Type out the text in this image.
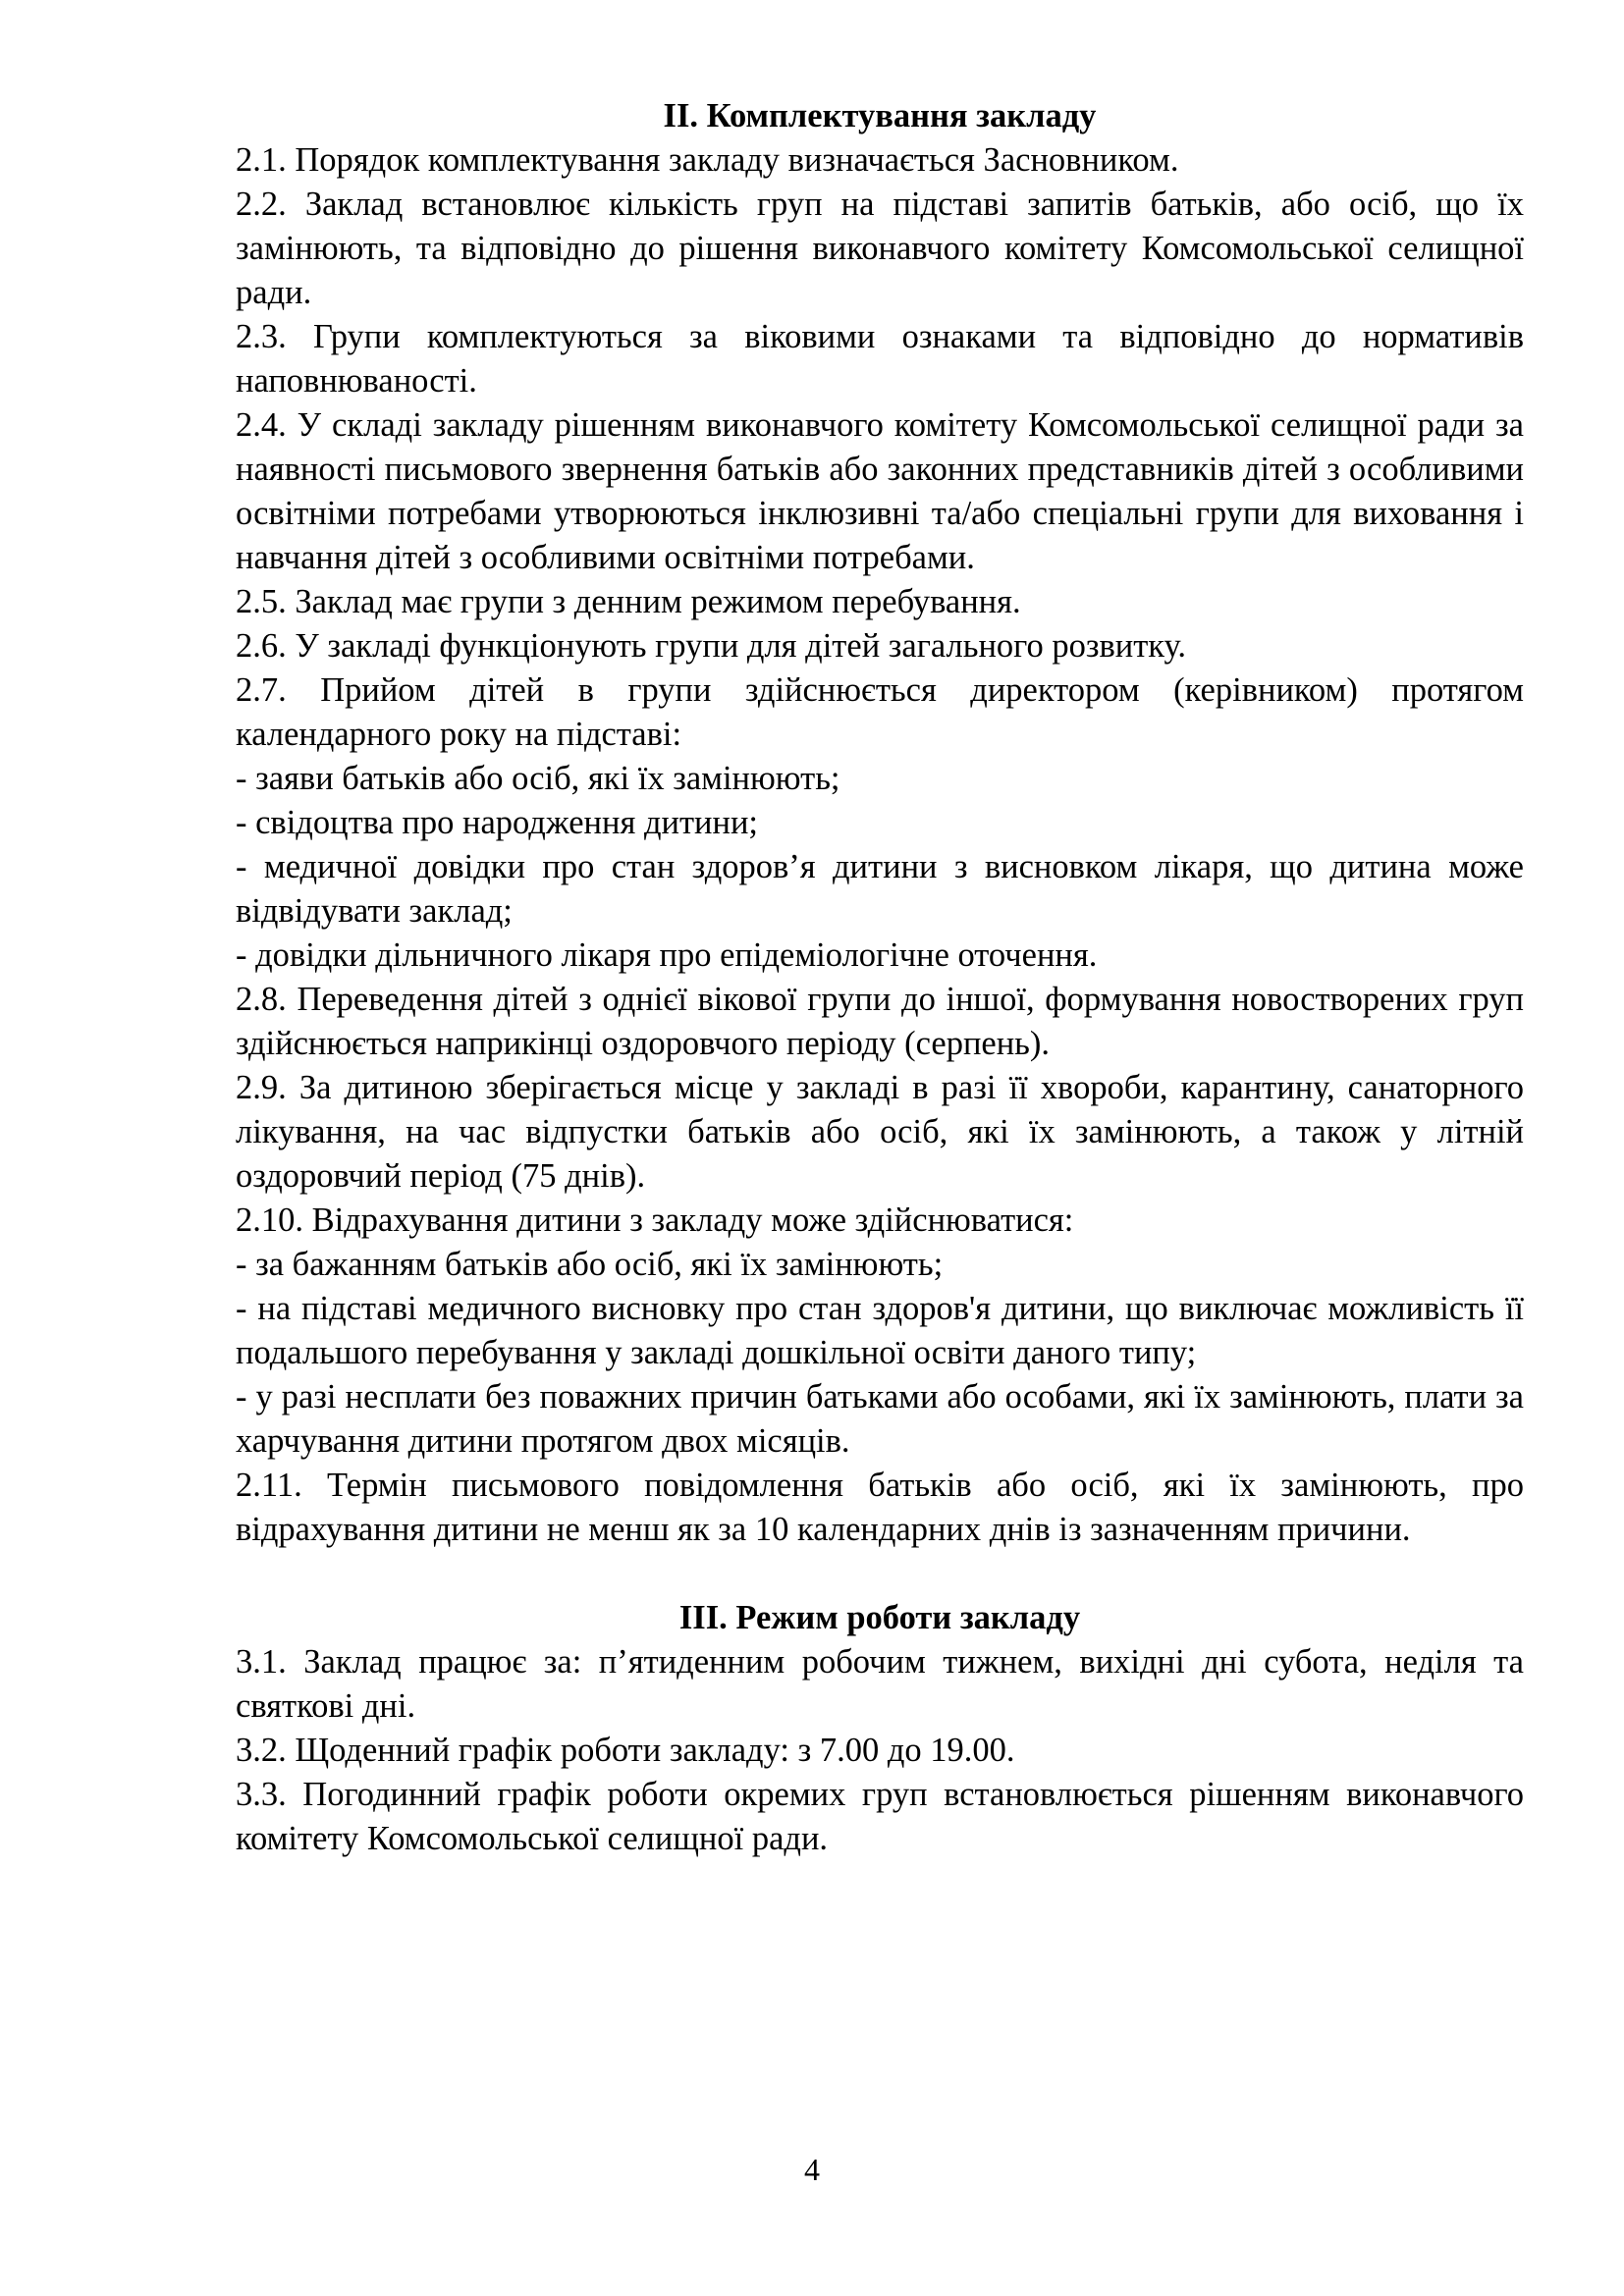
II. Комплектування закладу

2.1. Порядок комплектування закладу визначається Засновником.

2.2. Заклад встановлює кількість груп на підставі запитів батьків, або осіб, що їх замінюють, та відповідно до рішення виконавчого комітету Комсомольської селищної ради.

2.3. Групи комплектуються за віковими ознаками та відповідно до нормативів наповнюваності.

2.4. У складі закладу рішенням виконавчого комітету Комсомольської селищної ради за наявності письмового звернення батьків або законних представників дітей з особливими освітніми потребами утворюються інклюзивні та/або спеціальні групи для виховання і навчання дітей з особливими освітніми потребами.

2.5. Заклад має групи з денним режимом перебування.

2.6. У закладі функціонують групи для дітей загального розвитку.

2.7. Прийом дітей в групи здійснюється директором (керівником) протягом календарного року на підставі:

- заяви батьків або осіб, які їх замінюють;

- свідоцтва про народження дитини;

- медичної довідки про стан здоров’я дитини з висновком лікаря, що дитина може відвідувати заклад;

- довідки дільничного лікаря про епідеміологічне оточення.

2.8. Переведення дітей з однієї вікової групи до іншої, формування новостворених груп здійснюється наприкінці оздоровчого періоду (серпень).

2.9. За дитиною зберігається місце у закладі в разі її хвороби, карантину, санаторного лікування, на час відпустки батьків або осіб, які їх замінюють, а також у літній оздоровчий період (75 днів).

2.10. Відрахування дитини з закладу може здійснюватися:

- за бажанням батьків або осіб, які їх замінюють;

- на підставі медичного висновку про стан здоров'я дитини, що виключає можливість її подальшого перебування у закладі дошкільної освіти даного типу;

- у разі несплати без поважних причин батьками або особами, які їх замінюють, плати за харчування дитини протягом двох місяців.

2.11. Термін письмового повідомлення батьків або осіб, які їх замінюють, про відрахування дитини не менш як за 10 календарних днів із зазначенням причини.

III. Режим роботи закладу

3.1. Заклад працює за: п’ятиденним робочим тижнем, вихідні дні субота, неділя та святкові дні.

3.2. Щоденний графік роботи закладу: з 7.00 до 19.00.

3.3. Погодинний графік роботи окремих груп встановлюється рішенням виконавчого комітету Комсомольської селищної ради.

4
